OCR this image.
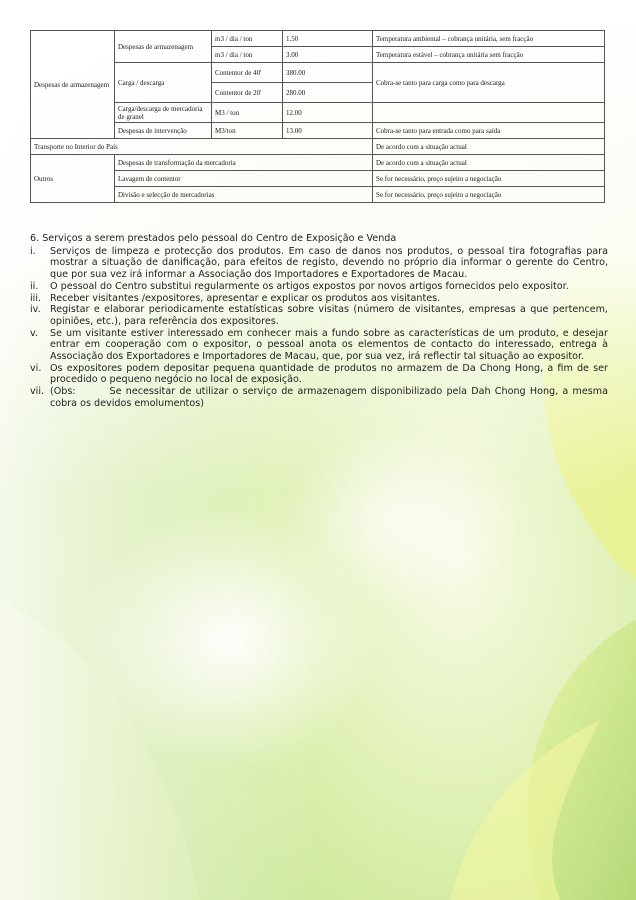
Despesas de armazenagem	Despesas de armazenagem	m3 / dia / ton	1.50	Temperatura ambiental – cobrança unitária, sem fracção
		m3 / dia / ton	3.00	Temperatura estável – cobrança unitária sem fracção
	Carga / descarga	Contentor de 40'	380.00	Cobra-se tanto para carga como para descarga
		Contentor de 20'	280.00	
	Carga/descarga de mercadoria de granel	M3 / ton	12.00	
	Despesas de intervenção	M3/ton	13.00	Cobra-se tanto para entrada como para saída
Transporte no Interior do País				De acordo com a situação actual
Outros	Despesas de transformação da mercadoria			De acordo com a situação actual
	Lavagem de contentor			Se for necessário, preço sujeito a negociação
	Divisão e selecção de mercadorias			Se for necessário, preço sujeito a negociação
6. Serviços a serem prestados pelo pessoal do Centro de Exposição e Venda
i. Serviços de limpeza e protecção dos produtos. Em caso de danos nos produtos, o pessoal tira fotografias para mostrar a situação de danificação, para efeitos de registo, devendo no próprio dia informar o gerente do Centro, que por sua vez irá informar a Associação dos Importadores e Exportadores de Macau.
ii. O pessoal do Centro substitui regularmente os artigos expostos por novos artigos fornecidos pelo expositor.
iii. Receber visitantes /expositores, apresentar e explicar os produtos aos visitantes.
iv. Registar e elaborar periodicamente estatísticas sobre visitas (número de visitantes, empresas a que pertencem, opiniões, etc.), para referência dos expositores.
v. Se um visitante estiver interessado em conhecer mais a fundo sobre as características de um produto, e desejar entrar em cooperação com o expositor, o pessoal anota os elementos de contacto do interessado, entrega à Associação dos Exportadores e Importadores de Macau, que, por sua vez, irá reflectir tal situação ao expositor.
vi. Os expositores podem depositar pequena quantidade de produtos no armazem de Da Chong Hong, a fim de ser procedido o pequeno negócio no local de exposição.
vii. (Obs:        Se necessitar de utilizar o serviço de armazenagem disponibilizado pela Dah Chong Hong, a mesma cobra os devidos emolumentos)
